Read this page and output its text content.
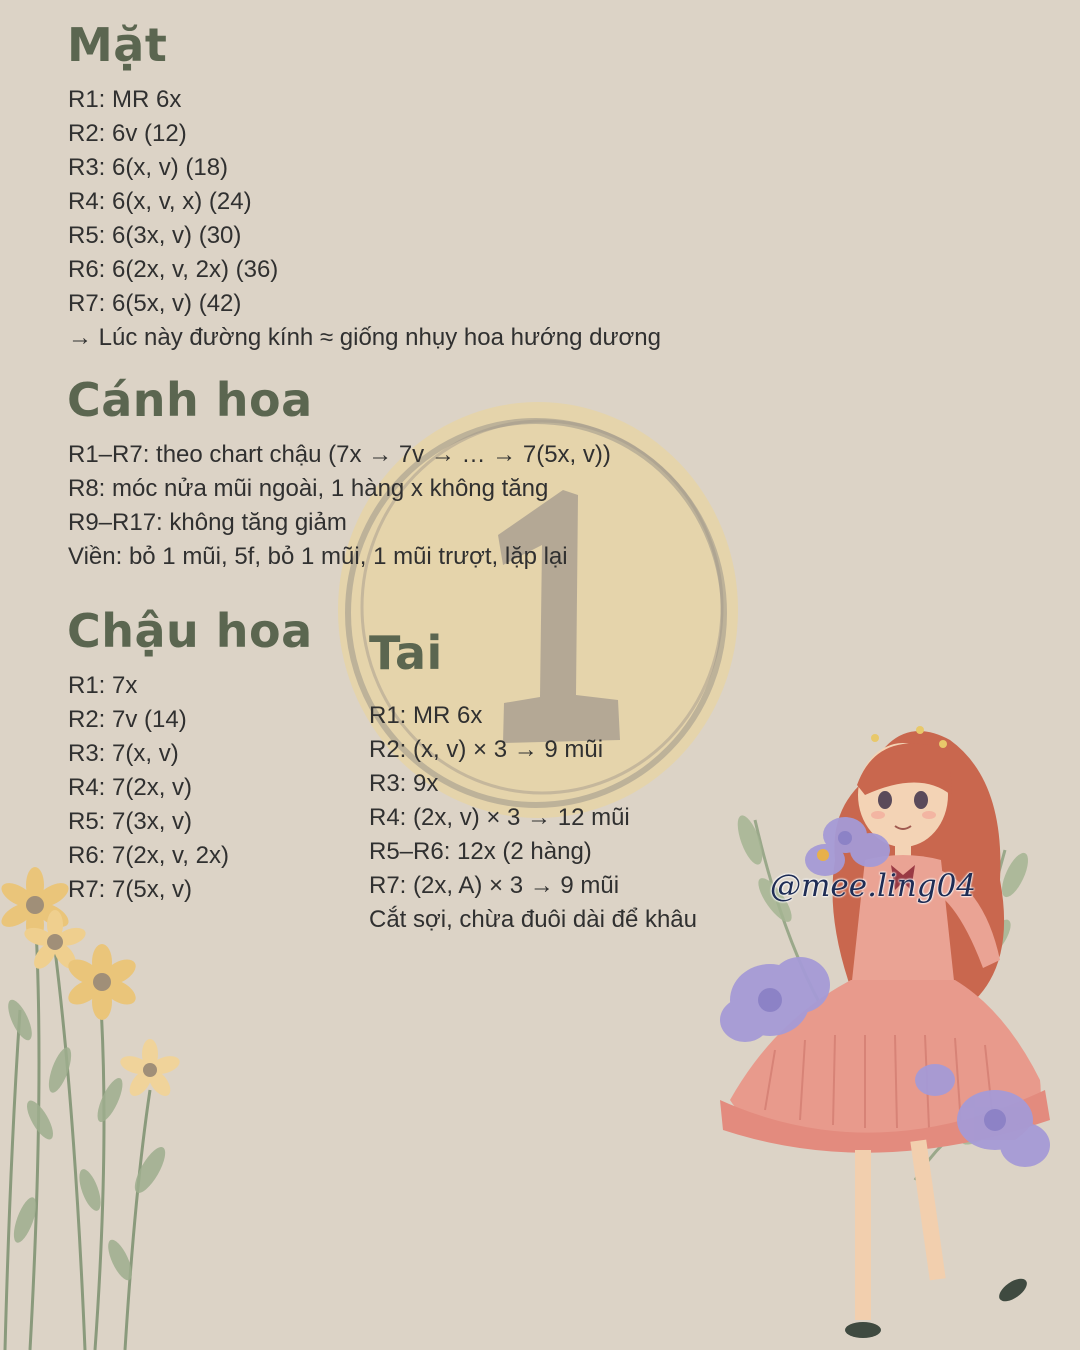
1
Mặt
R1: MR 6x
R2: 6v (12)
R3: 6(x, v) (18)
R4: 6(x, v, x) (24)
R5: 6(3x, v) (30)
R6: 6(2x, v, 2x) (36)
R7: 6(5x, v) (42)
→ Lúc này đường kính ≈ giống nhụy hoa hướng dương
Cánh hoa
R1–R7: theo chart chậu (7x → 7v → … → 7(5x, v))
R8: móc nửa mũi ngoài, 1 hàng x không tăng
R9–R17: không tăng giảm
Viền: bỏ 1 mũi, 5f, bỏ 1 mũi, 1 mũi trượt, lặp lại
Chậu hoa
R1: 7x
R2: 7v (14)
R3: 7(x, v)
R4: 7(2x, v)
R5: 7(3x, v)
R6: 7(2x, v, 2x)
R7: 7(5x, v)
Tai
R1: MR 6x
R2: (x, v) × 3 → 9 mũi
R3: 9x
R4: (2x, v) × 3 → 12 mũi
R5–R6: 12x (2 hàng)
R7: (2x, A) × 3 → 9 mũi
Cắt sợi, chừa đuôi dài để khâu
@mee.ling04
